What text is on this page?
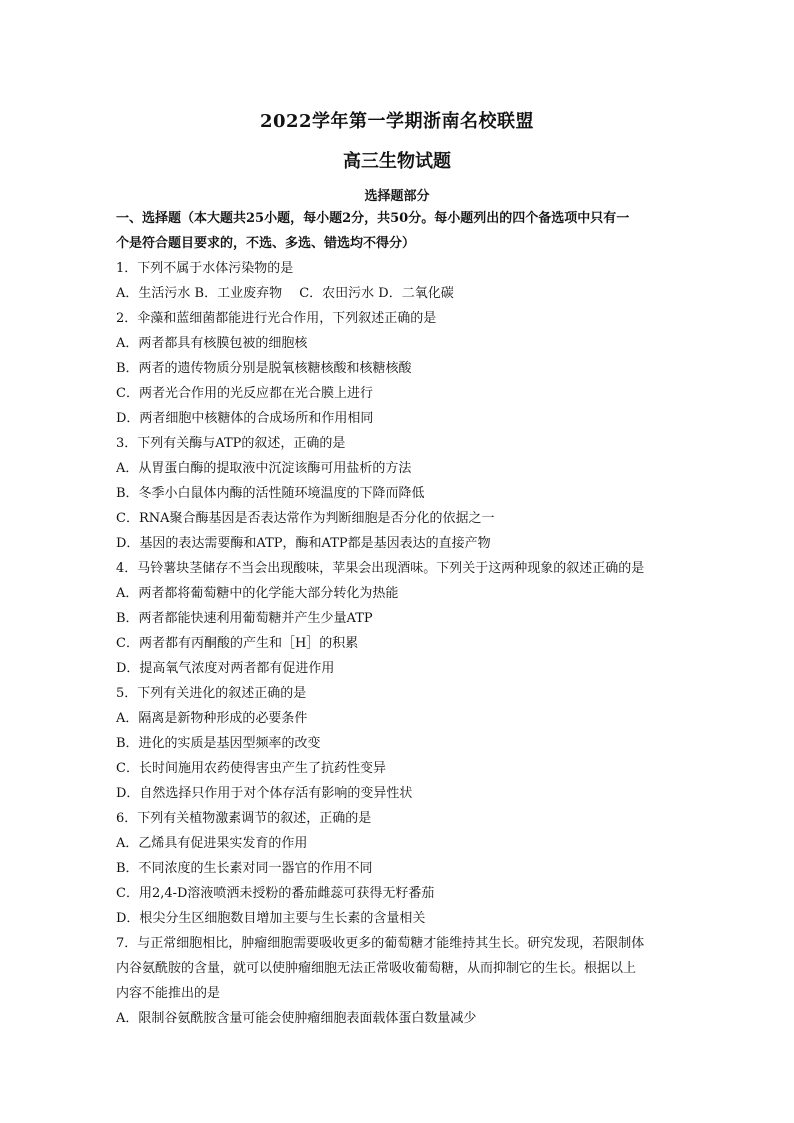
2022学年第一学期浙南名校联盟
高三生物试题
选择题部分
一、选择题（本大题共25小题，每小题2分，共50分。每小题列出的四个备选项中只有一
个是符合题目要求的，不选、多选、错选均不得分）
1．下列不属于水体污染物的是
A．生活污水 B．工业废弃物　 C．农田污水 D．二氧化碳
2．伞藻和蓝细菌都能进行光合作用，下列叙述正确的是
A．两者都具有核膜包被的细胞核
B．两者的遗传物质分别是脱氧核糖核酸和核糖核酸
C．两者光合作用的光反应都在光合膜上进行
D．两者细胞中核糖体的合成场所和作用相同
3．下列有关酶与ATP的叙述，正确的是
A．从胃蛋白酶的提取液中沉淀该酶可用盐析的方法
B．冬季小白鼠体内酶的活性随环境温度的下降而降低
C．RNA聚合酶基因是否表达常作为判断细胞是否分化的依据之一
D．基因的表达需要酶和ATP，酶和ATP都是基因表达的直接产物
4．马铃薯块茎储存不当会出现酸味，苹果会出现酒味。下列关于这两种现象的叙述正确的是
A．两者都将葡萄糖中的化学能大部分转化为热能
B．两者都能快速利用葡萄糖并产生少量ATP
C．两者都有丙酮酸的产生和［H］的积累
D．提高氧气浓度对两者都有促进作用
5．下列有关进化的叙述正确的是
A．隔离是新物种形成的必要条件
B．进化的实质是基因型频率的改变
C．长时间施用农药使得害虫产生了抗药性变异
D．自然选择只作用于对个体存活有影响的变异性状
6．下列有关植物激素调节的叙述，正确的是
A．乙烯具有促进果实发育的作用
B．不同浓度的生长素对同一器官的作用不同
C．用2,4-D溶液喷洒未授粉的番茄雌蕊可获得无籽番茄
D．根尖分生区细胞数目增加主要与生长素的含量相关
7．与正常细胞相比，肿瘤细胞需要吸收更多的葡萄糖才能维持其生长。研究发现，若限制体
内谷氨酰胺的含量，就可以使肿瘤细胞无法正常吸收葡萄糖，从而抑制它的生长。根据以上
内容不能推出的是
A．限制谷氨酰胺含量可能会使肿瘤细胞表面载体蛋白数量减少
